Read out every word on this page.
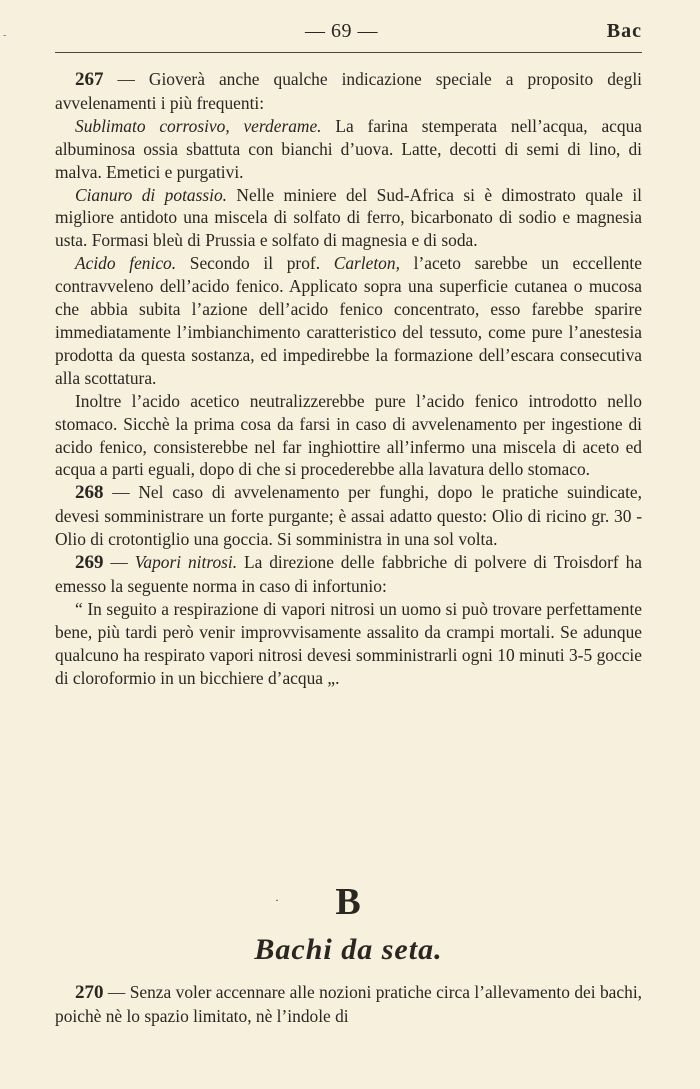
-	— 69 —	Bac

267 — Gioverà anche qualche indicazione speciale a proposito degli avvelenamenti i più frequenti:

Sublimato corrosivo, verderame. La farina stemperata nell’acqua, acqua albuminosa ossia sbattuta con bianchi d’uova. Latte, decotti di semi di lino, di malva. Emetici e purgativi.

Cianuro di potassio. Nelle miniere del Sud-Africa si è dimostrato quale il migliore antidoto una miscela di solfato di ferro, bicarbonato di sodio e magnesia usta. Formasi bleù di Prussia e solfato di magnesia e di soda.

Acido fenico. Secondo il prof. Carleton, l’aceto sarebbe un eccellente contravveleno dell’acido fenico. Applicato sopra una superficie cutanea o mucosa che abbia subita l’azione dell’acido fenico concentrato, esso farebbe sparire immediatamente l’imbianchimento caratteristico del tessuto, come pure l’anestesia prodotta da questa sostanza, ed impedirebbe la formazione dell’escara consecutiva alla scottatura.

Inoltre l’acido acetico neutralizzerebbe pure l’acido fenico introdotto nello stomaco. Sicchè la prima cosa da farsi in caso di avvelenamento per ingestione di acido fenico, consisterebbe nel far inghiottire all’infermo una miscela di aceto ed acqua a parti eguali, dopo di che si procederebbe alla lavatura dello stomaco.

268 — Nel caso di avvelenamento per funghi, dopo le pratiche suindicate, devesi somministrare un forte purgante; è assai adatto questo: Olio di ricino gr. 30 - Olio di crotontiglio una goccia. Si somministra in una sol volta.

269 — Vapori nitrosi. La direzione delle fabbriche di polvere di Troisdorf ha emesso la seguente norma in caso di infortunio:

“ In seguito a respirazione di vapori nitrosi un uomo si può trovare perfettamente bene, più tardi però venir improvvisamente assalito da crampi mortali. Se adunque qualcuno ha respirato vapori nitrosi devesi somministrarli ogni 10 minuti 3-5 goccie di cloroformio in un bicchiere d’acqua „.

·	B
Bachi da seta.

270 — Senza voler accennare alle nozioni pratiche circa l’allevamento dei bachi, poichè nè lo spazio limitato, nè l’indole di
